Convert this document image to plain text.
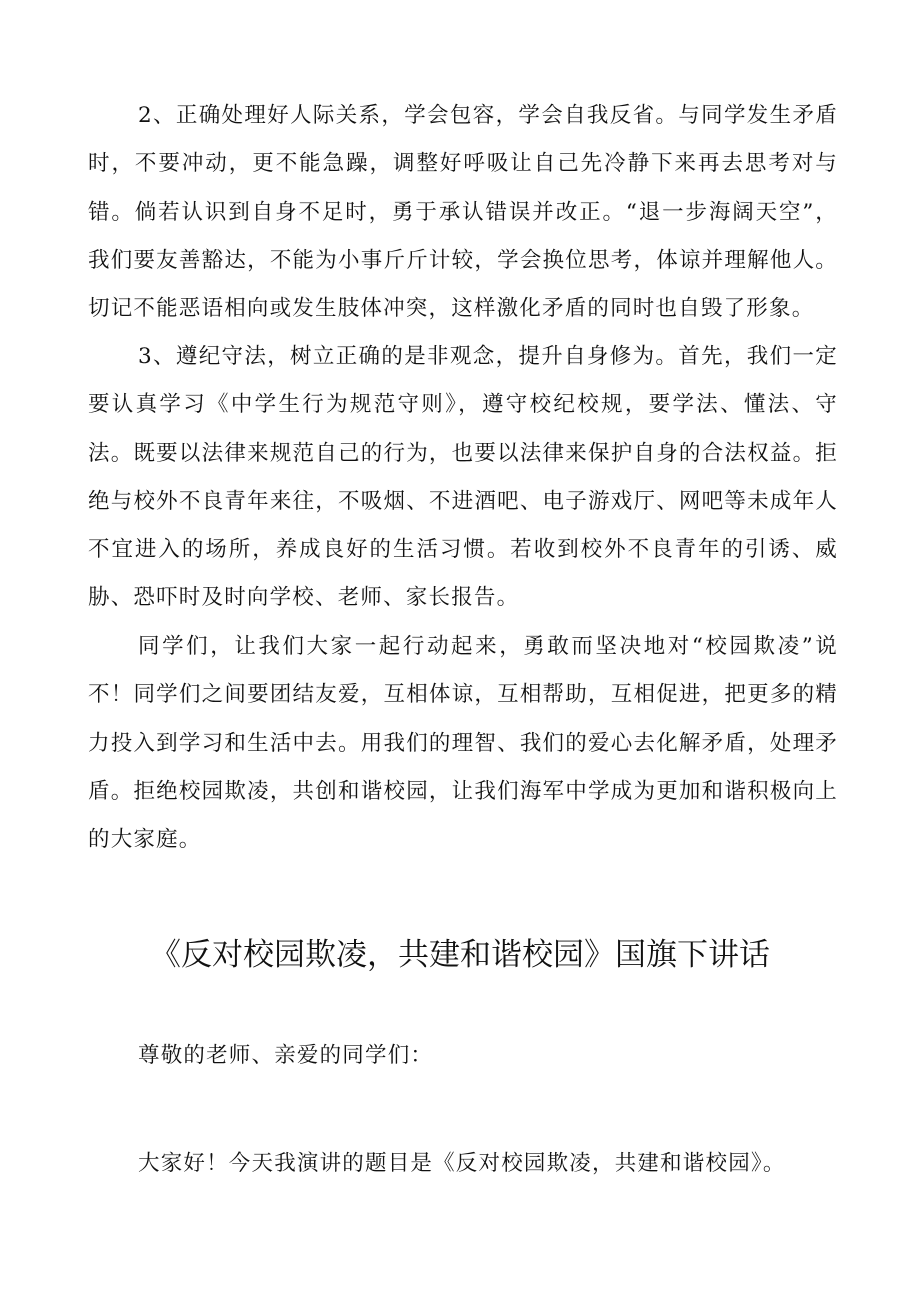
2、正确处理好人际关系，学会包容，学会自我反省。与同学发生矛盾时，不要冲动，更不能急躁，调整好呼吸让自己先冷静下来再去思考对与错。倘若认识到自身不足时，勇于承认错误并改正。“退一步海阔天空”，我们要友善豁达，不能为小事斤斤计较，学会换位思考，体谅并理解他人。切记不能恶语相向或发生肢体冲突，这样激化矛盾的同时也自毁了形象。

3、遵纪守法，树立正确的是非观念，提升自身修为。首先，我们一定要认真学习《中学生行为规范守则》，遵守校纪校规，要学法、懂法、守法。既要以法律来规范自己的行为，也要以法律来保护自身的合法权益。拒绝与校外不良青年来往，不吸烟、不进酒吧、电子游戏厅、网吧等未成年人不宜进入的场所，养成良好的生活习惯。若收到校外不良青年的引诱、威胁、恐吓时及时向学校、老师、家长报告。

同学们，让我们大家一起行动起来，勇敢而坚决地对“校园欺凌”说不！同学们之间要团结友爱，互相体谅，互相帮助，互相促进，把更多的精力投入到学习和生活中去。用我们的理智、我们的爱心去化解矛盾，处理矛盾。拒绝校园欺凌，共创和谐校园，让我们海军中学成为更加和谐积极向上的大家庭。

《反对校园欺凌，共建和谐校园》国旗下讲话

尊敬的老师、亲爱的同学们：

大家好！今天我演讲的题目是《反对校园欺凌，共建和谐校园》。
